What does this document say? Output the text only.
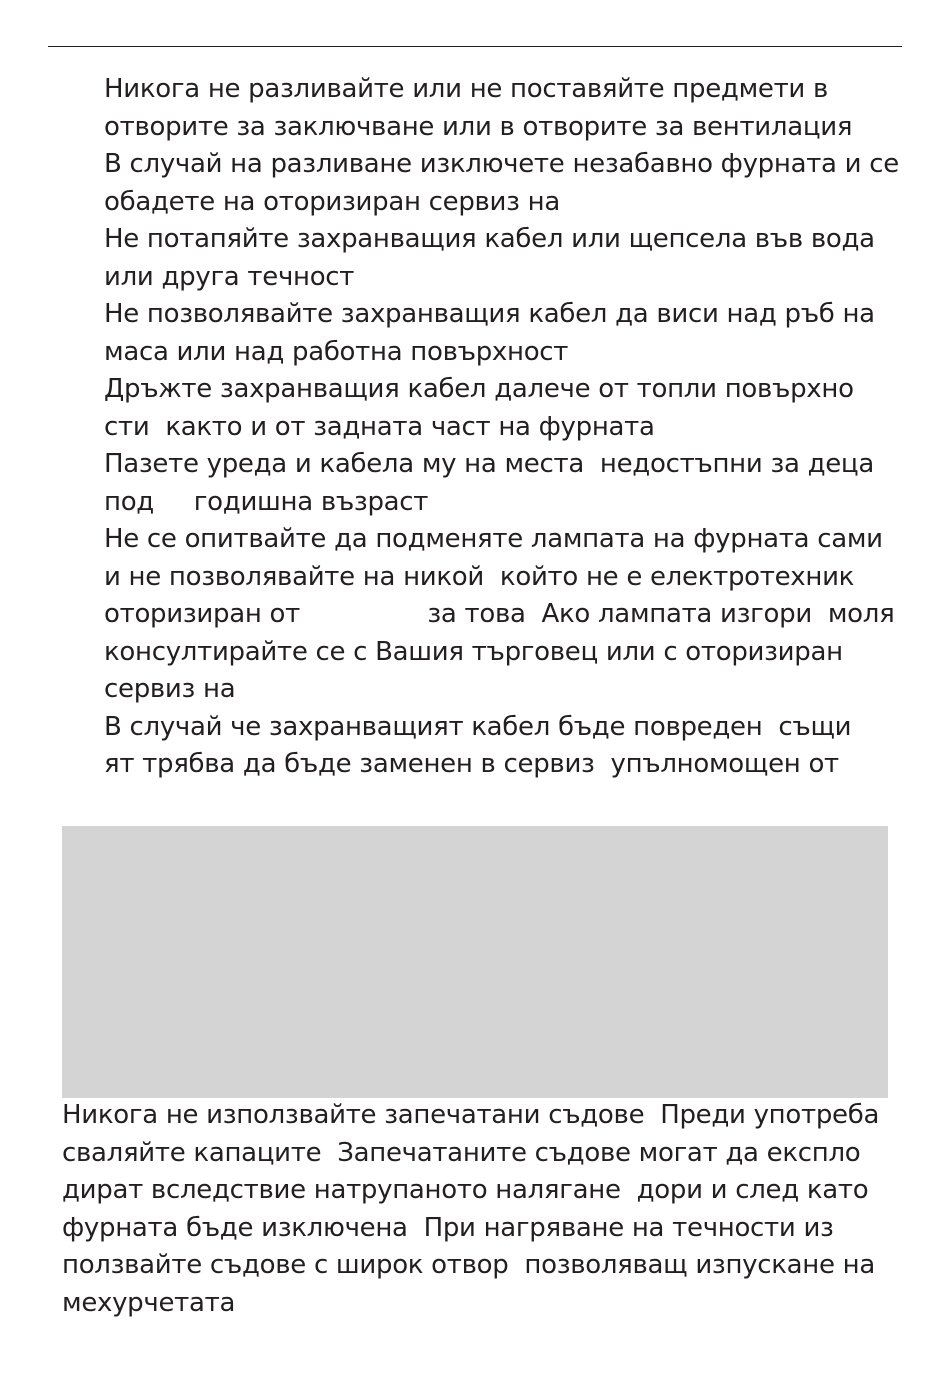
Никога не разливайте или не поставяйте предмети в
отворите за заключване или в отворите за вентилация
В случай на разливане изключете незабавно фурната и се
обадете на оторизиран сервиз на
Не потапяйте захранващия кабел или щепсела във вода
или друга течност
Не позволявайте захранващия кабел да виси над ръб на
маса или над работна повърхност
Дръжте захранващия кабел далече от топли повърхно
сти  както и от задната част на фурната
Пазете уреда и кабела му на места  недостъпни за деца
под     годишна възраст
Не се опитвайте да подменяте лампата на фурната сами
и не позволявайте на никой  който не е електротехник
оторизиран от                за това  Ако лампата изгори  моля
консултирайте се с Вашия търговец или с оторизиран
сервиз на
В случай че захранващият кабел бъде повреден  същи
ят трябва да бъде заменен в сервиз  упълномощен от
Никога не използвайте запечатани съдове  Преди употреба
сваляйте капаците  Запечатаните съдове могат да експло
дират вследствие натрупаното налягане  дори и след като
фурната бъде изключена  При нагряване на течности из
ползвайте съдове с широк отвор  позволяващ изпускане на
мехурчетата
